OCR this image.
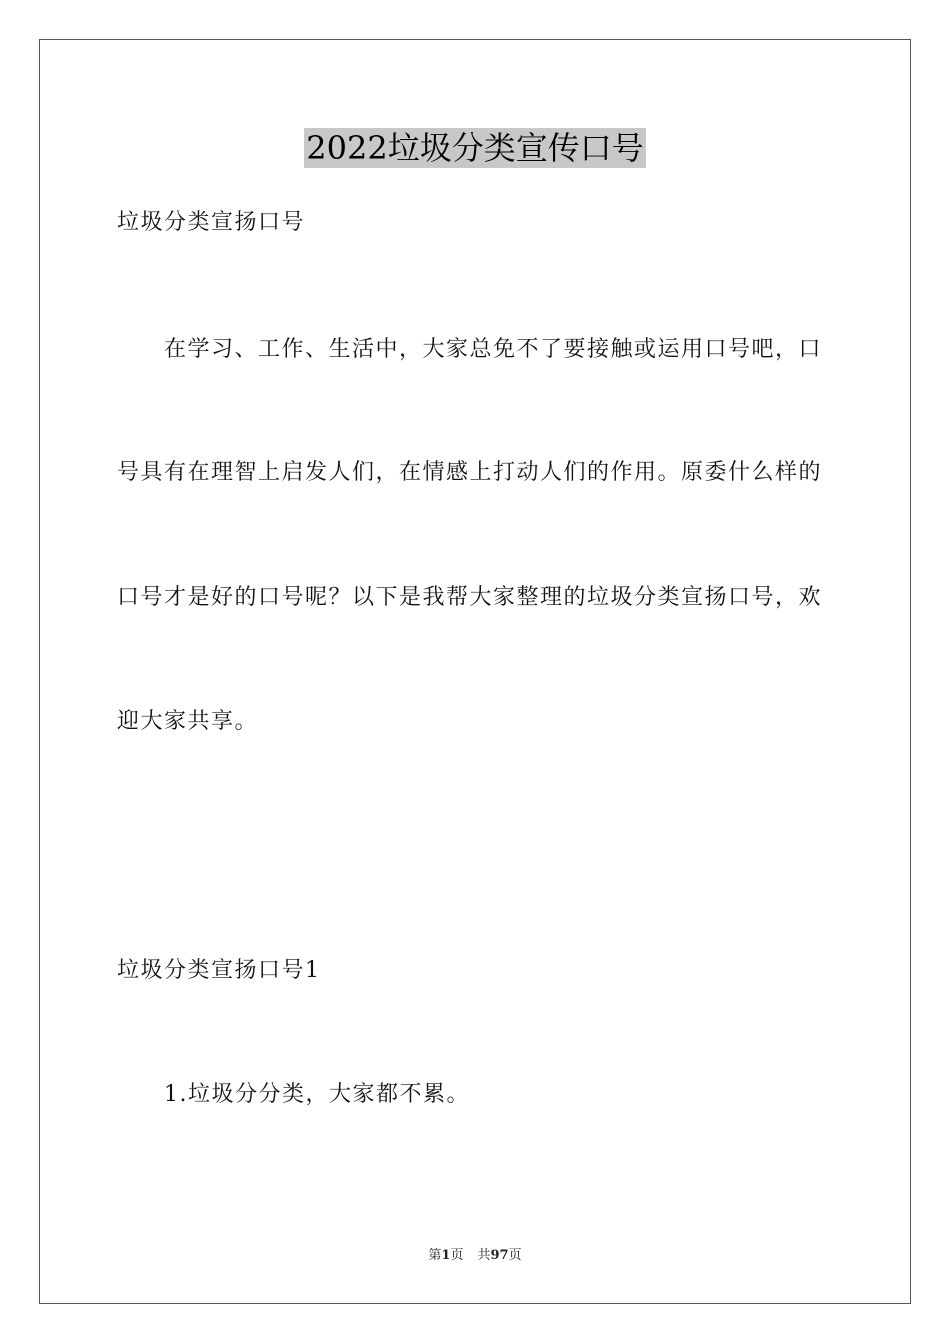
2022垃圾分类宣传口号
垃圾分类宣扬口号
在学习、工作、生活中，大家总免不了要接触或运用口号吧，口
号具有在理智上启发人们，在情感上打动人们的作用。原委什么样的
口号才是好的口号呢？以下是我帮大家整理的垃圾分类宣扬口号，欢
迎大家共享。
垃圾分类宣扬口号1
1.垃圾分分类，大家都不累。
第1页 共97页
